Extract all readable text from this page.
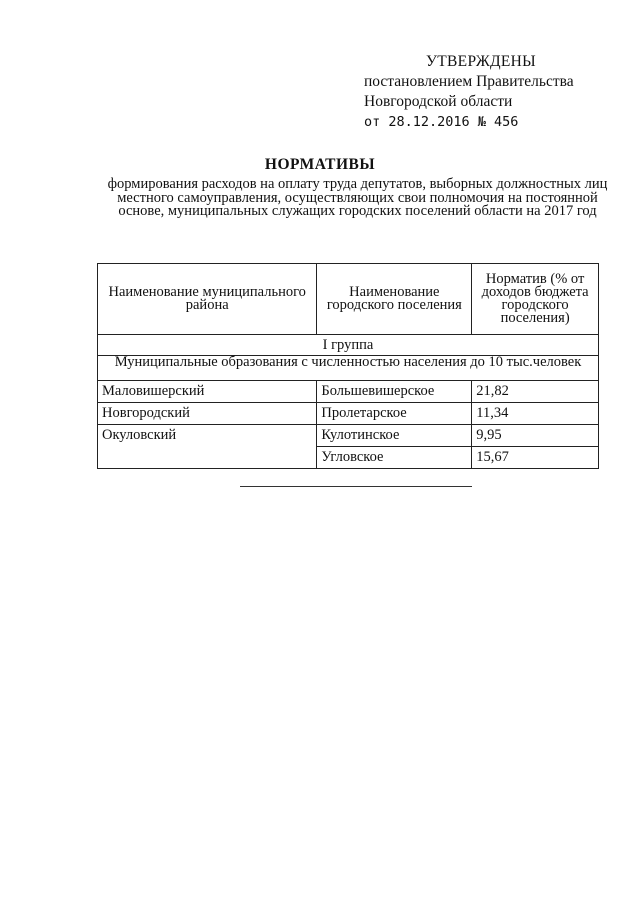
УТВЕРЖДЕНЫ
постановлением Правительства
Новгородской области
от 28.12.2016 № 456
НОРМАТИВЫ
формирования расходов на оплату труда депутатов, выборных должностных лиц местного самоуправления, осуществляющих свои полномочия на постоянной основе, муниципальных служащих городских поселений области на 2017 год
Наименование муниципального района	Наименование городского поселения	Норматив (% от доходов бюджета городского поселения)
I группа		
Муниципальные образования с численностью населения до 10 тыс.человек		
Маловишерский	Большевишерское	21,82
Новгородский	Пролетарское	11,34
Окуловский	Кулотинское	9,95
	Угловское	15,67
